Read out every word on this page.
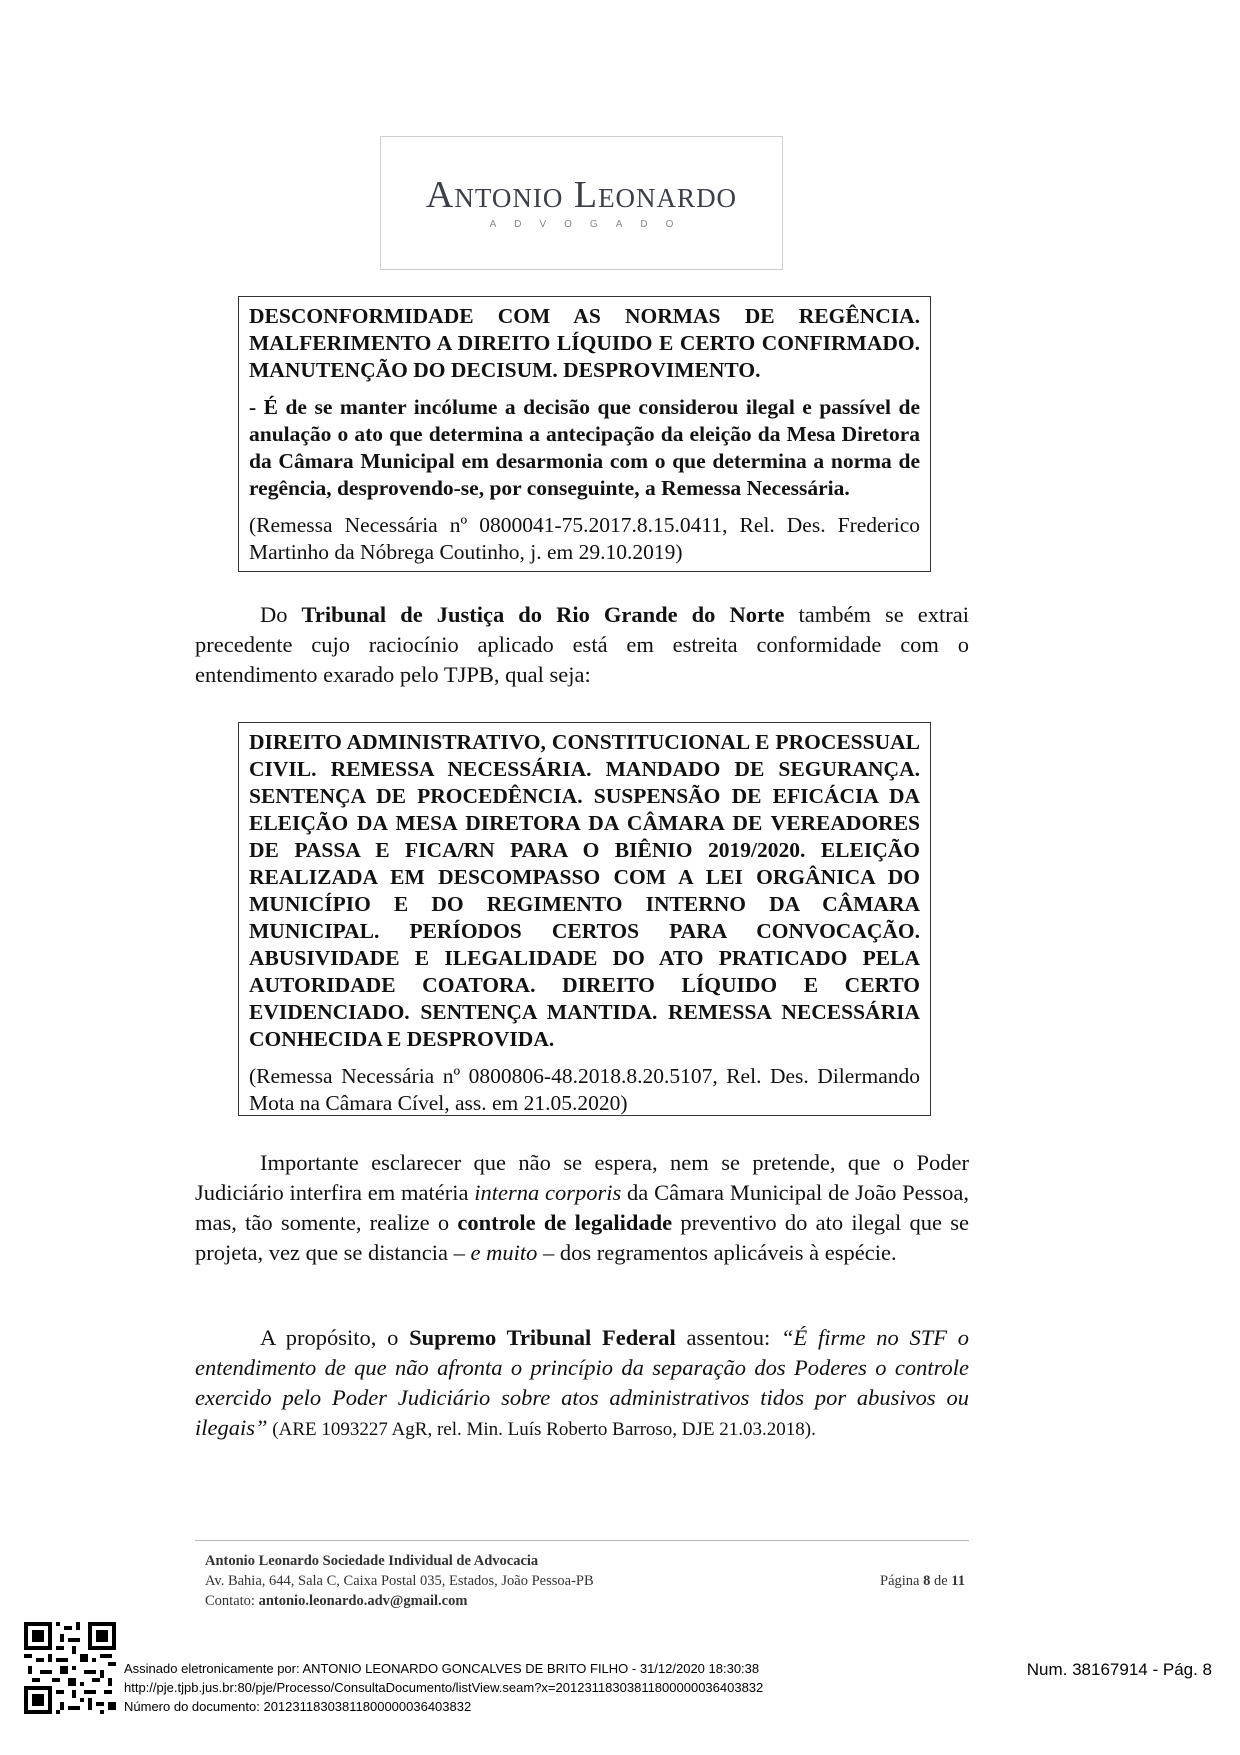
Antonio Leonardo
ADVOGADO
DESCONFORMIDADE COM AS NORMAS DE REGÊNCIA. MALFERIMENTO A DIREITO LÍQUIDO E CERTO CONFIRMADO. MANUTENÇÃO DO DECISUM. DESPROVIMENTO.
- É de se manter incólume a decisão que considerou ilegal e passível de anulação o ato que determina a antecipação da eleição da Mesa Diretora da Câmara Municipal em desarmonia com o que determina a norma de regência, desprovendo-se, por conseguinte, a Remessa Necessária.
(Remessa Necessária nº 0800041-75.2017.8.15.0411, Rel. Des. Frederico Martinho da Nóbrega Coutinho, j. em 29.10.2019)
Do Tribunal de Justiça do Rio Grande do Norte também se extrai precedente cujo raciocínio aplicado está em estreita conformidade com o entendimento exarado pelo TJPB, qual seja:
DIREITO ADMINISTRATIVO, CONSTITUCIONAL E PROCESSUAL CIVIL. REMESSA NECESSÁRIA. MANDADO DE SEGURANÇA. SENTENÇA DE PROCEDÊNCIA. SUSPENSÃO DE EFICÁCIA DA ELEIÇÃO DA MESA DIRETORA DA CÂMARA DE VEREADORES DE PASSA E FICA/RN PARA O BIÊNIO 2019/2020. ELEIÇÃO REALIZADA EM DESCOMPASSO COM A LEI ORGÂNICA DO MUNICÍPIO E DO REGIMENTO INTERNO DA CÂMARA MUNICIPAL. PERÍODOS CERTOS PARA CONVOCAÇÃO. ABUSIVIDADE E ILEGALIDADE DO ATO PRATICADO PELA AUTORIDADE COATORA. DIREITO LÍQUIDO E CERTO EVIDENCIADO. SENTENÇA MANTIDA. REMESSA NECESSÁRIA CONHECIDA E DESPROVIDA.
(Remessa Necessária nº 0800806-48.2018.8.20.5107, Rel. Des. Dilermando Mota na Câmara Cível, ass. em 21.05.2020)
Importante esclarecer que não se espera, nem se pretende, que o Poder Judiciário interfira em matéria interna corporis da Câmara Municipal de João Pessoa, mas, tão somente, realize o controle de legalidade preventivo do ato ilegal que se projeta, vez que se distancia – e muito – dos regramentos aplicáveis à espécie.
A propósito, o Supremo Tribunal Federal assentou: “É firme no STF o entendimento de que não afronta o princípio da separação dos Poderes o controle exercido pelo Poder Judiciário sobre atos administrativos tidos por abusivos ou ilegais” (ARE 1093227 AgR, rel. Min. Luís Roberto Barroso, DJE 21.03.2018).
Antonio Leonardo Sociedade Individual de Advocacia
Av. Bahia, 644, Sala C, Caixa Postal 035, Estados, João Pessoa-PB
Contato: antonio.leonardo.adv@gmail.com
Página 8 de 11
Assinado eletronicamente por: ANTONIO LEONARDO GONCALVES DE BRITO FILHO - 31/12/2020 18:30:38
http://pje.tjpb.jus.br:80/pje/Processo/ConsultaDocumento/listView.seam?x=20123118303811800000036403832
Número do documento: 20123118303811800000036403832
Num. 38167914 - Pág. 8
